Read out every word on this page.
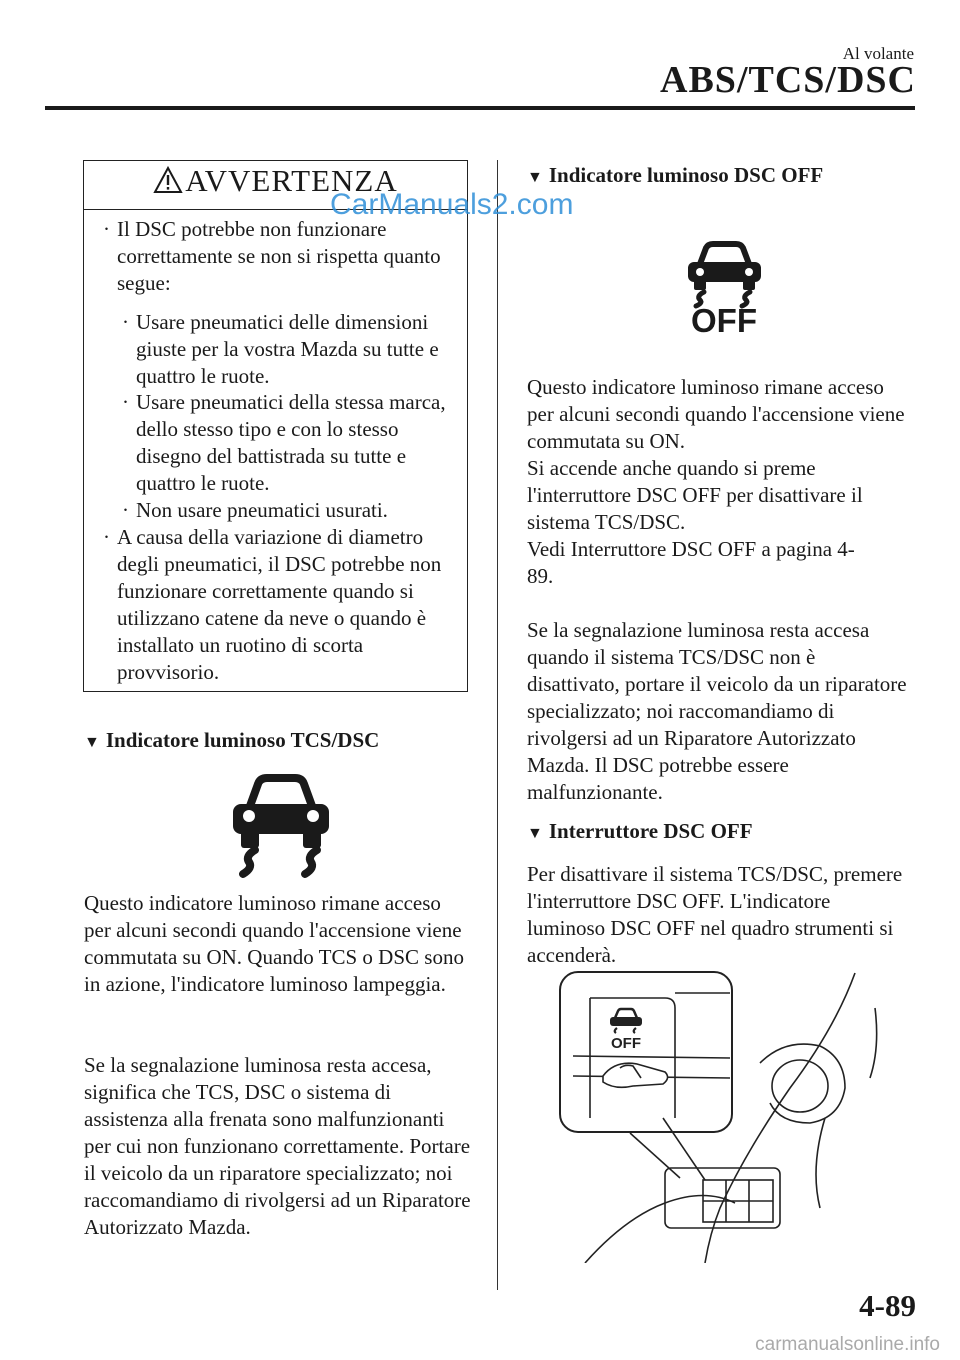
Al volante
ABS/TCS/DSC
AVVERTENZA
· Il DSC potrebbe non funzionare correttamente se non si rispetta quanto segue:
· Usare pneumatici delle dimensioni giuste per la vostra Mazda su tutte e quattro le ruote.
· Usare pneumatici della stessa marca, dello stesso tipo e con lo stesso disegno del battistrada su tutte e quattro le ruote.
· Non usare pneumatici usurati.
· A causa della variazione di diametro degli pneumatici, il DSC potrebbe non funzionare correttamente quando si utilizzano catene da neve o quando è installato un ruotino di scorta provvisorio.
▼ Indicatore luminoso TCS/DSC
Questo indicatore luminoso rimane acceso per alcuni secondi quando l'accensione viene commutata su ON. Quando TCS o DSC sono in azione, l'indicatore luminoso lampeggia.
Se la segnalazione luminosa resta accesa, significa che TCS, DSC o sistema di assistenza alla frenata sono malfunzionanti per cui non funzionano correttamente. Portare il veicolo da un riparatore specializzato; noi raccomandiamo di rivolgersi ad un Riparatore Autorizzato Mazda.
▼ Indicatore luminoso DSC OFF
OFF
Questo indicatore luminoso rimane acceso per alcuni secondi quando l'accensione viene commutata su ON.
Si accende anche quando si preme l'interruttore DSC OFF per disattivare il sistema TCS/DSC.
Vedi Interruttore DSC OFF a pagina 4-89.
Se la segnalazione luminosa resta accesa quando il sistema TCS/DSC non è disattivato, portare il veicolo da un riparatore specializzato; noi raccomandiamo di rivolgersi ad un Riparatore Autorizzato Mazda. Il DSC potrebbe essere malfunzionante.
▼ Interruttore DSC OFF
Per disattivare il sistema TCS/DSC, premere l'interruttore DSC OFF. L'indicatore luminoso DSC OFF nel quadro strumenti si accenderà.
OFF
CarManuals2.com
4-89
carmanualsonline.info
